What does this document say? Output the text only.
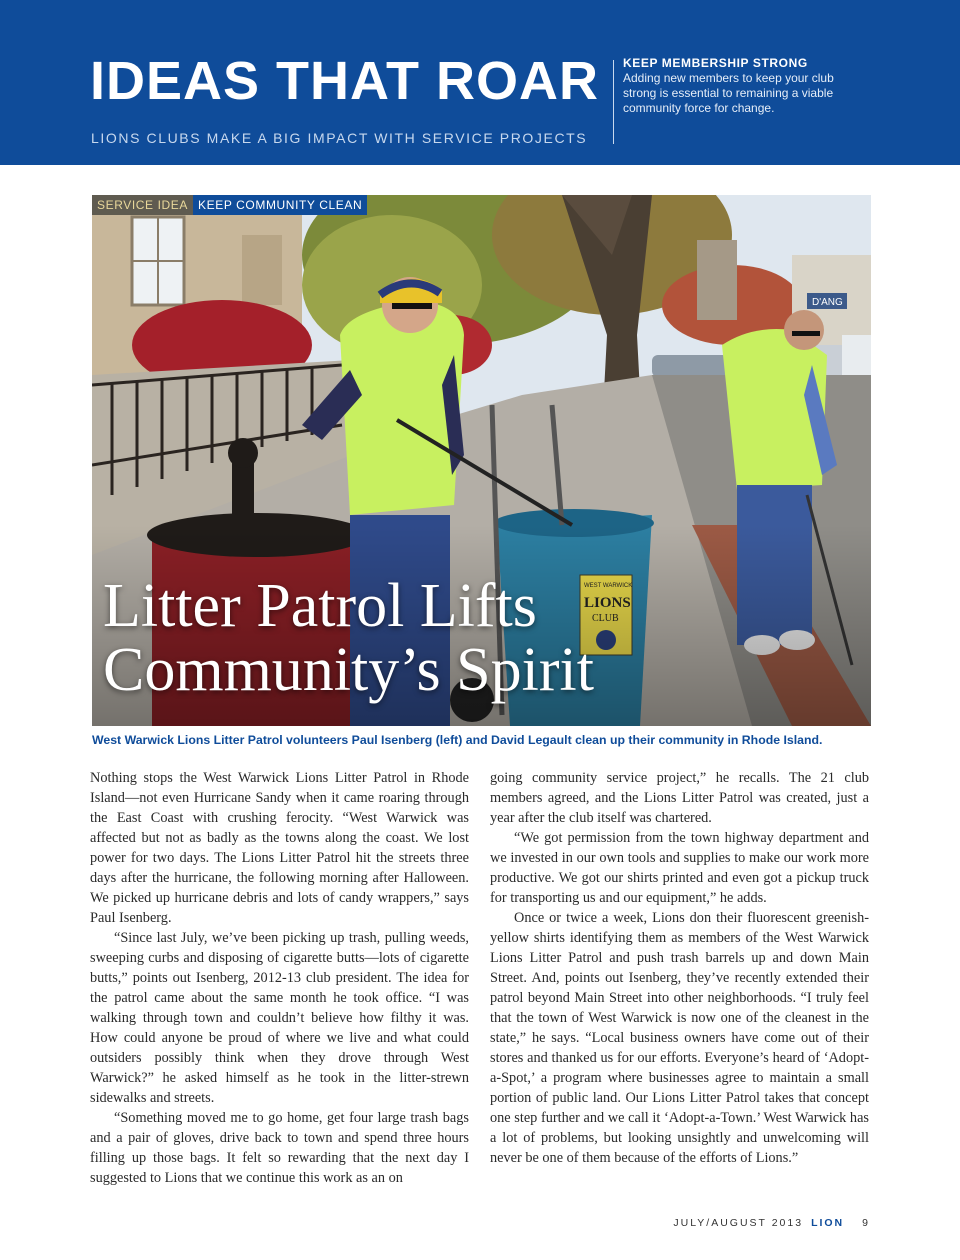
IDEAS THAT ROAR
LIONS CLUBS MAKE A BIG IMPACT WITH SERVICE PROJECTS
KEEP MEMBERSHIP STRONG
Adding new members to keep your club strong is essential to remaining a viable community force for change.
D'ANG
SERVICE IDEA KEEP COMMUNITY CLEAN
Litter Patrol Lifts
Community’s Spirit
West Warwick Lions Litter Patrol volunteers Paul Isenberg (left) and David Legault clean up their community in Rhode Island.

Nothing stops the West Warwick Lions Litter Patrol in Rhode Island—not even Hurricane Sandy when it came roaring through the East Coast with crushing ferocity. “West Warwick was affected but not as badly as the towns along the coast. We lost power for two days. The Lions Litter Patrol hit the streets three days after the hurricane, the following morning after Halloween. We picked up hurricane debris and lots of candy wrappers,” says Paul Isenberg.

“Since last July, we’ve been picking up trash, pulling weeds, sweeping curbs and disposing of cigarette butts—lots of cigarette butts,” points out Isenberg, 2012-13 club president. The idea for the patrol came about the same month he took office. “I was walking through town and couldn’t believe how filthy it was. How could anyone be proud of where we live and what could outsiders possibly think when they drove through West Warwick?” he asked himself as he took in the litter-strewn sidewalks and streets.

“Something moved me to go home, get four large trash bags and a pair of gloves, drive back to town and spend three hours filling up those bags. It felt so rewarding that the next day I suggested to Lions that we continue this work as an on

going community service project,” he recalls. The 21 club members agreed, and the Lions Litter Patrol was created, just a year after the club itself was chartered.

“We got permission from the town highway department and we invested in our own tools and supplies to make our work more productive. We got our shirts printed and even got a pickup truck for transporting us and our equipment,” he adds.

Once or twice a week, Lions don their fluorescent greenish-yellow shirts identifying them as members of the West Warwick Lions Litter Patrol and push trash barrels up and down Main Street. And, points out Isenberg, they’ve recently extended their patrol beyond Main Street into other neighborhoods. “I truly feel that the town of West Warwick is now one of the cleanest in the state,” he says. “Local business owners have come out of their stores and thanked us for our efforts. Everyone’s heard of ‘Adopt-a-Spot,’ a program where businesses agree to maintain a small portion of public land. Our Lions Litter Patrol takes that concept one step further and we call it ‘Adopt-a-Town.’ West Warwick has a lot of problems, but looking unsightly and unwelcoming will never be one of them because of the efforts of Lions.”

JULY/AUGUST 2013 LION 9
